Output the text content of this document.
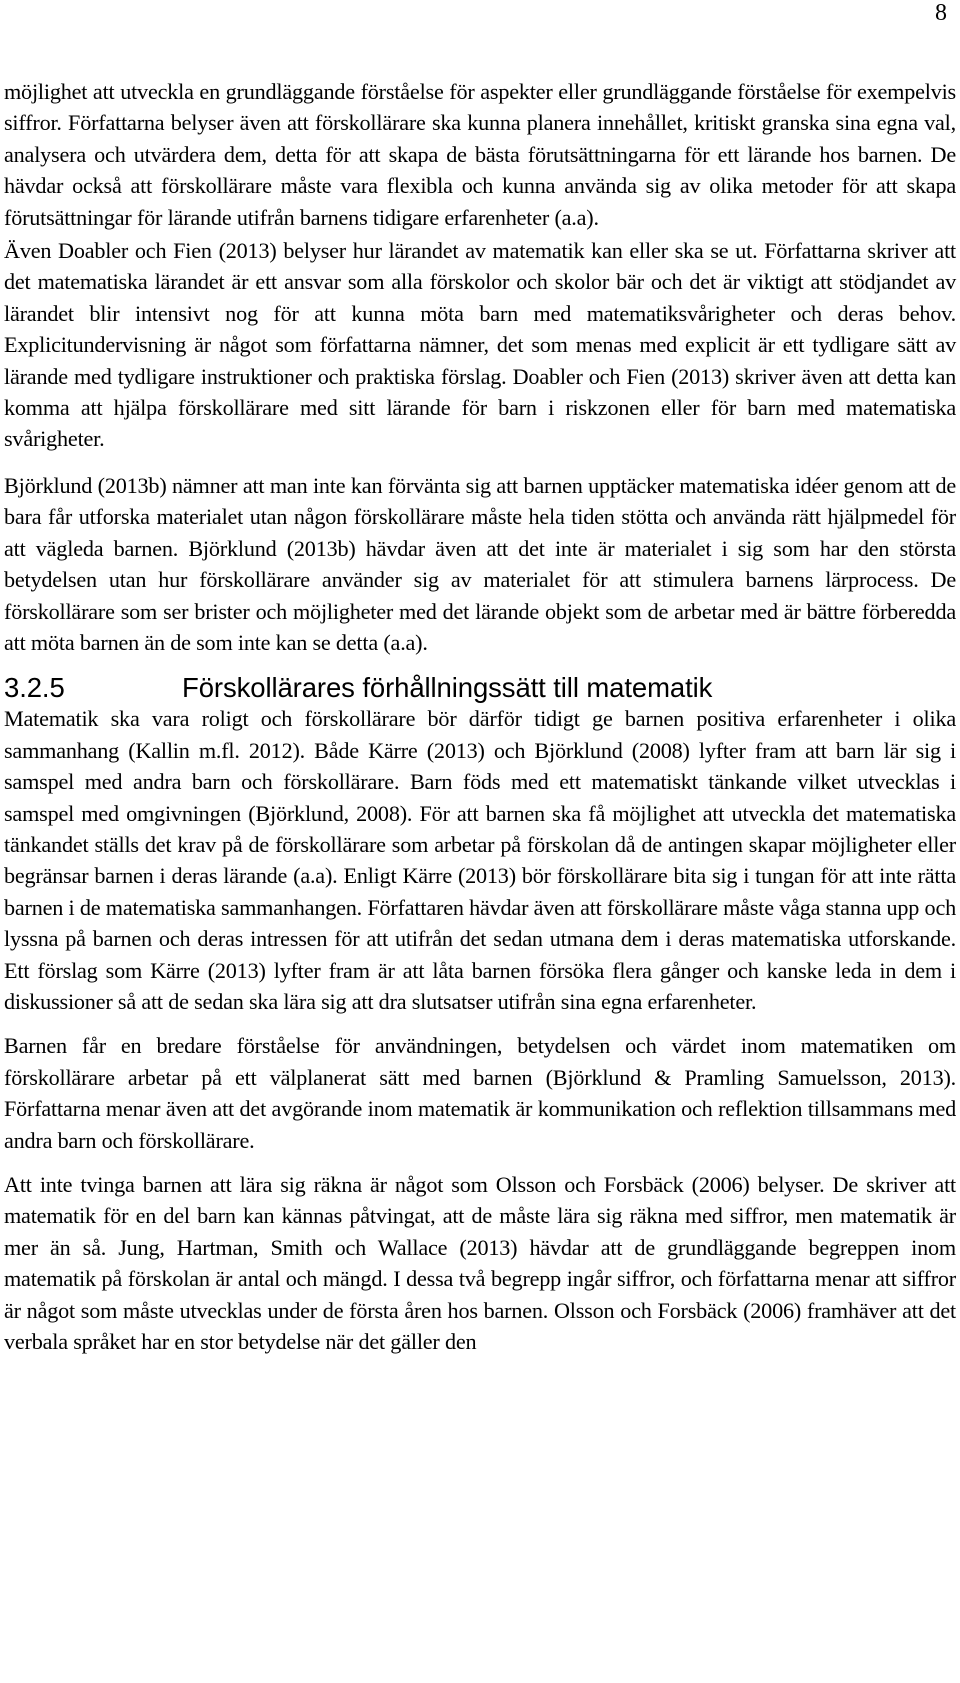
8

möjlighet att utveckla en grundläggande förståelse för aspekter eller grundläggande förståelse för exempelvis siffror. Författarna belyser även att förskollärare ska kunna planera innehållet, kritiskt granska sina egna val, analysera och utvärdera dem, detta för att skapa de bästa förutsättningarna för ett lärande hos barnen. De hävdar också att förskollärare måste vara flexibla och kunna använda sig av olika metoder för att skapa förutsättningar för lärande utifrån barnens tidigare erfarenheter (a.a).

Även Doabler och Fien (2013) belyser hur lärandet av matematik kan eller ska se ut. Författarna skriver att det matematiska lärandet är ett ansvar som alla förskolor och skolor bär och det är viktigt att stödjandet av lärandet blir intensivt nog för att kunna möta barn med matematiksvårigheter och deras behov. Explicitundervisning är något som författarna nämner, det som menas med explicit är ett tydligare sätt av lärande med tydligare instruktioner och praktiska förslag. Doabler och Fien (2013) skriver även att detta kan komma att hjälpa förskollärare med sitt lärande för barn i riskzonen eller för barn med matematiska svårigheter.

Björklund (2013b) nämner att man inte kan förvänta sig att barnen upptäcker matematiska idéer genom att de bara får utforska materialet utan någon förskollärare måste hela tiden stötta och använda rätt hjälpmedel för att vägleda barnen. Björklund (2013b) hävdar även att det inte är materialet i sig som har den största betydelsen utan hur förskollärare använder sig av materialet för att stimulera barnens lärprocess. De förskollärare som ser brister och möjligheter med det lärande objekt som de arbetar med är bättre förberedda att möta barnen än de som inte kan se detta (a.a).

3.2.5	Förskollärares förhållningssätt till matematik

Matematik ska vara roligt och förskollärare bör därför tidigt ge barnen positiva erfarenheter i olika sammanhang (Kallin m.fl. 2012). Både Kärre (2013) och Björklund (2008) lyfter fram att barn lär sig i samspel med andra barn och förskollärare. Barn föds med ett matematiskt tänkande vilket utvecklas i samspel med omgivningen (Björklund, 2008). För att barnen ska få möjlighet att utveckla det matematiska tänkandet ställs det krav på de förskollärare som arbetar på förskolan då de antingen skapar möjligheter eller begränsar barnen i deras lärande (a.a). Enligt Kärre (2013) bör förskollärare bita sig i tungan för att inte rätta barnen i de matematiska sammanhangen. Författaren hävdar även att förskollärare måste våga stanna upp och lyssna på barnen och deras intressen för att utifrån det sedan utmana dem i deras matematiska utforskande. Ett förslag som Kärre (2013) lyfter fram är att låta barnen försöka flera gånger och kanske leda in dem i diskussioner så att de sedan ska lära sig att dra slutsatser utifrån sina egna erfarenheter.

Barnen får en bredare förståelse för användningen, betydelsen och värdet inom matematiken om förskollärare arbetar på ett välplanerat sätt med barnen (Björklund & Pramling Samuelsson, 2013). Författarna menar även att det avgörande inom matematik är kommunikation och reflektion tillsammans med andra barn och förskollärare.

Att inte tvinga barnen att lära sig räkna är något som Olsson och Forsbäck (2006) belyser. De skriver att matematik för en del barn kan kännas påtvingat, att de måste lära sig räkna med siffror, men matematik är mer än så. Jung, Hartman, Smith och Wallace (2013) hävdar att de grundläggande begreppen inom matematik på förskolan är antal och mängd. I dessa två begrepp ingår siffror, och författarna menar att siffror är något som måste utvecklas under de första åren hos barnen. Olsson och Forsbäck (2006) framhäver att det verbala språket har en stor betydelse när det gäller den
